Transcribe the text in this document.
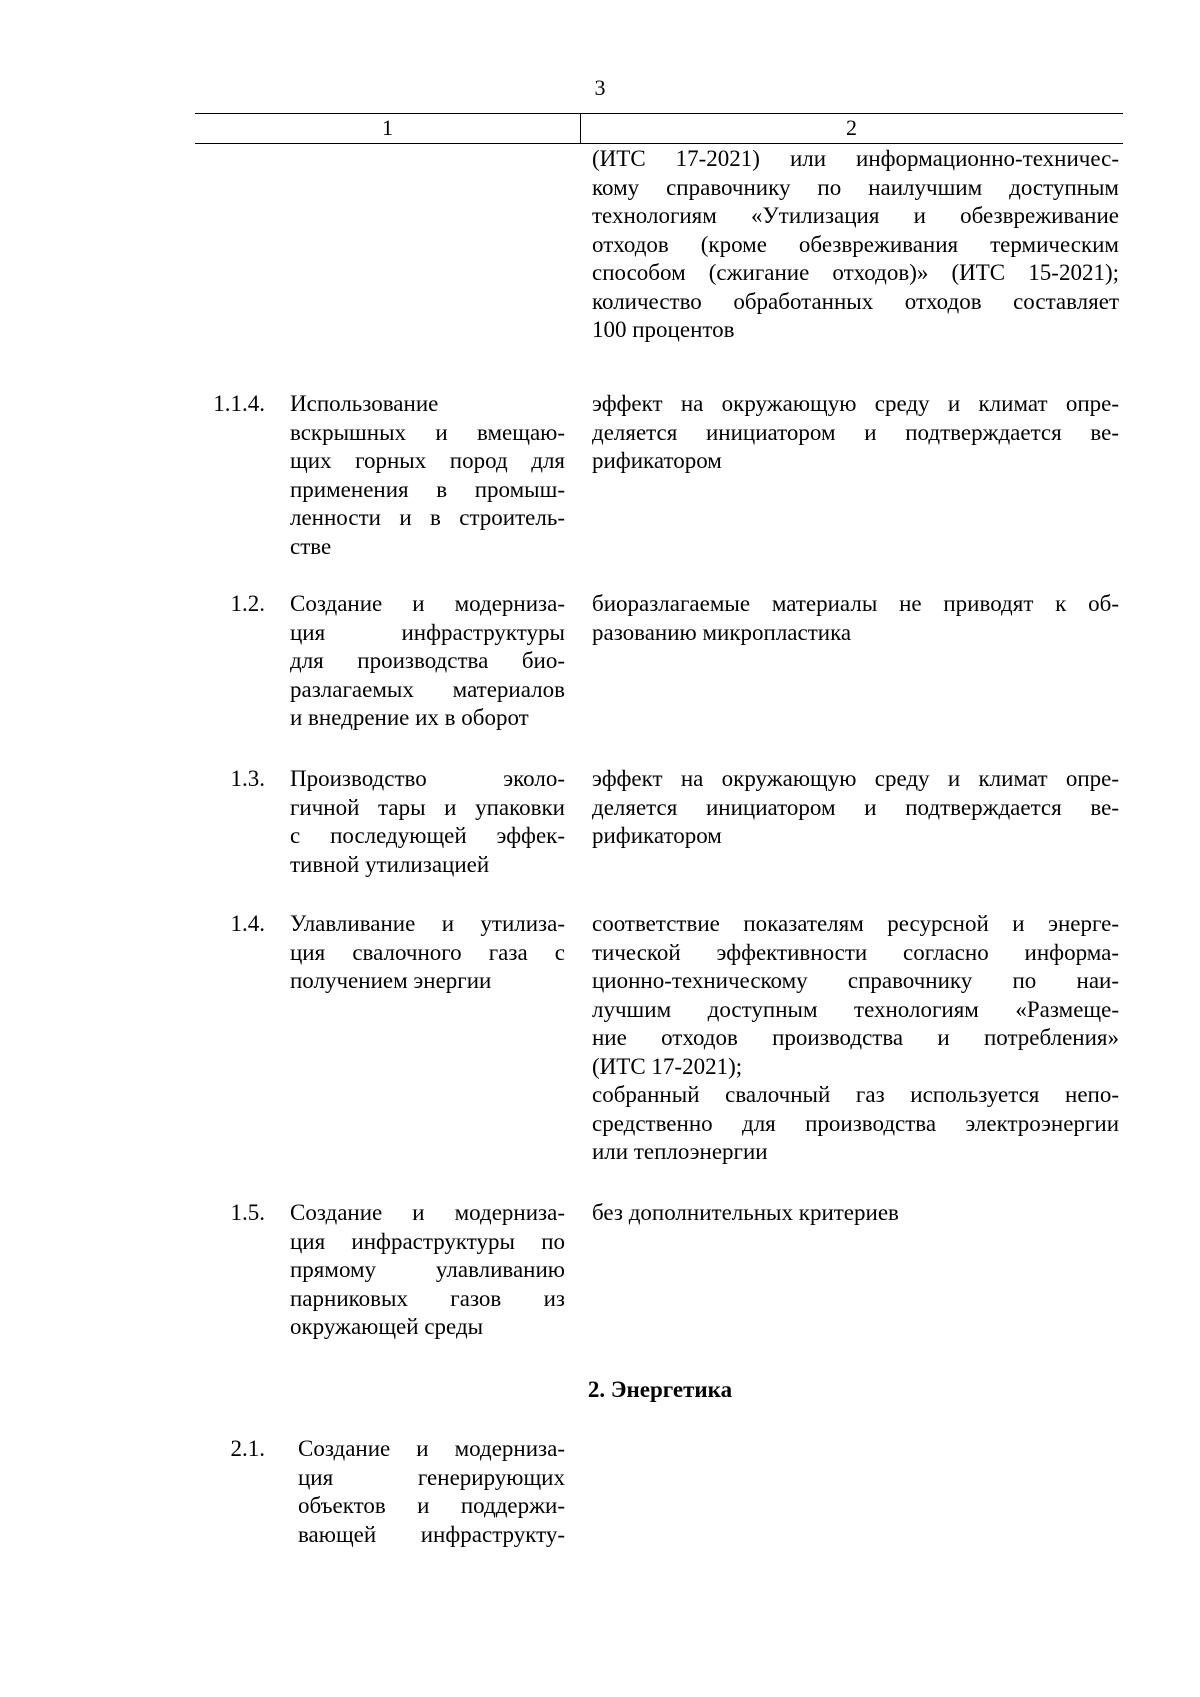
3
1	2
(ИТС 17-2021) или информационно-техничес-
кому справочнику по наилучшим доступным
технологиям «Утилизация и обезвреживание
отходов (кроме обезвреживания термическим
способом (сжигание отходов)» (ИТС 15-2021);
количество обработанных отходов составляет
100 процентов
1.1.4. Использование
вскрышных и вмещаю-
щих горных пород для
применения в промыш-
ленности и в строитель-
стве
эффект на окружающую среду и климат опре-
деляется инициатором и подтверждается ве-
рификатором
1.2. Создание и модерниза-
ция инфраструктуры
для производства био-
разлагаемых материалов
и внедрение их в оборот
биоразлагаемые материалы не приводят к об-
разованию микропластика
1.3. Производство эколо-
гичной тары и упаковки
с последующей эффек-
тивной утилизацией
эффект на окружающую среду и климат опре-
деляется инициатором и подтверждается ве-
рификатором
1.4. Улавливание и утилиза-
ция свалочного газа с
получением энергии
соответствие показателям ресурсной и энерге-
тической эффективности согласно информа-
ционно-техническому справочнику по наи-
лучшим доступным технологиям «Размеще-
ние отходов производства и потребления»
(ИТС 17-2021);
собранный свалочный газ используется непо-
средственно для производства электроэнергии
или теплоэнергии
1.5. Создание и модерниза-
ция инфраструктуры по
прямому улавливанию
парниковых газов из
окружающей среды
без дополнительных критериев
2. Энергетика
2.1. Создание и модерниза-
ция генерирующих
объектов и поддержи-
вающей инфраструкту-
